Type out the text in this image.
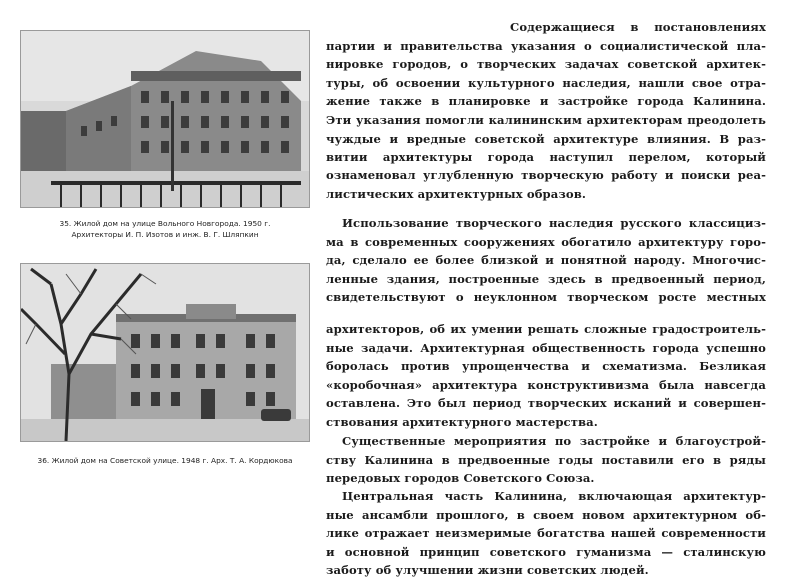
35. Жилой дом на улице Вольного Новгорода. 1950 г.
Архитекторы И. П. Изотов и инж. В. Г. Шляпкин
36. Жилой дом на Советской улице. 1948 г. Арх. Т. А. Кордюкова
Содержащиеся в постановлениях
партии и правительства указания о социалистической пла-
нировке городов, о творческих задачах советской архитек-
туры, об освоении культурного наследия, нашли свое отра-
жение также в планировке и застройке города Калинина.
Эти указания помогли калининским архитекторам преодолеть
чуждые и вредные советской архитектуре влияния. В раз-
витии архитектуры города наступил перелом, который
ознаменовал углубленную творческую работу и поиски реа-
листических архитектурных образов.
Использование творческого наследия русского классициз-
ма в современных сооружениях обогатило архитектуру горо-
да, сделало ее более близкой и понятной народу. Многочис-
ленные здания, построенные здесь в предвоенный период,
свидетельствуют о неуклонном творческом росте местных
архитекторов, об их умении решать сложные градостроитель-
ные задачи. Архитектурная общественность города успешно
боролась против упрощенчества и схематизма. Безликая
«коробочная» архитектура конструктивизма была навсегда
оставлена. Это был период творческих исканий и совершен-
ствования архитектурного мастерства.
Существенные мероприятия по застройке и благоустрой-
ству Калинина в предвоенные годы поставили его в ряды
передовых городов Советского Союза.
Центральная часть Калинина, включающая архитектур-
ные ансамбли прошлого, в своем новом архитектурном об-
лике отражает неизмеримые богатства нашей современности
и основной принцип советского гуманизма — сталинскую
заботу об улучшении жизни советских людей.
